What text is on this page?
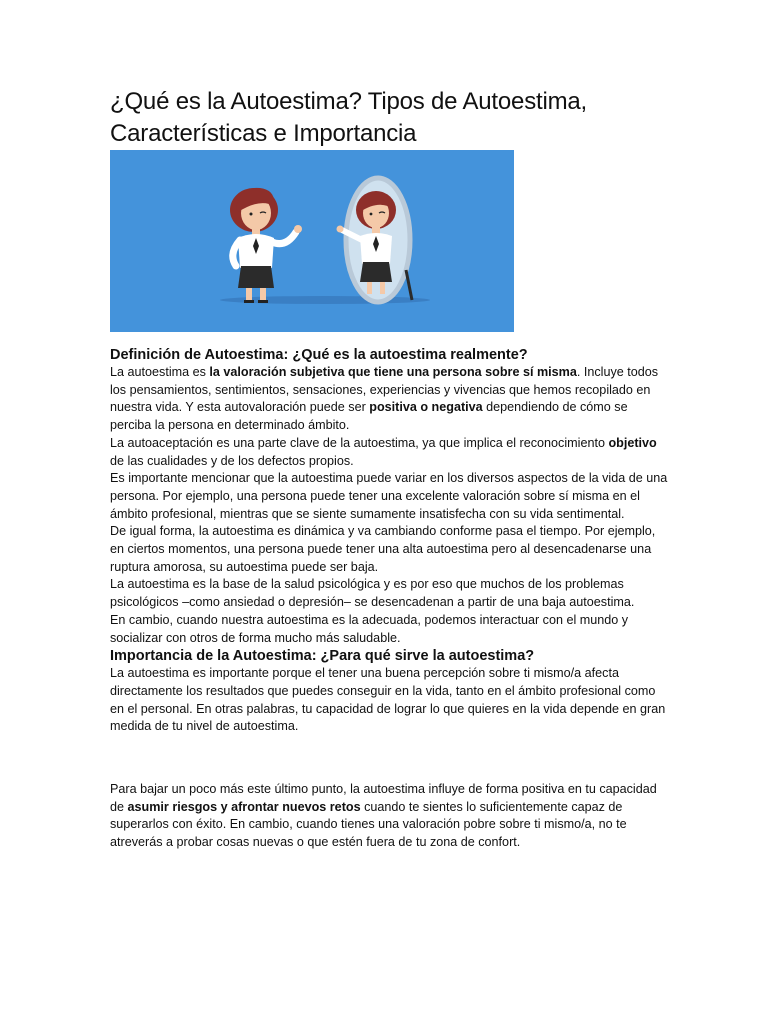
¿Qué es la Autoestima? Tipos de Autoestima, Características e Importancia
Definición de Autoestima: ¿Qué es la autoestima realmente?

La autoestima es la valoración subjetiva que tiene una persona sobre sí misma. Incluye todos los pensamientos, sentimientos, sensaciones, experiencias y vivencias que hemos recopilado en nuestra vida. Y esta autovaloración puede ser positiva o negativa dependiendo de cómo se perciba la persona en determinado ámbito.

La autoaceptación es una parte clave de la autoestima, ya que implica el reconocimiento objetivo de las cualidades y de los defectos propios.

Es importante mencionar que la autoestima puede variar en los diversos aspectos de la vida de una persona. Por ejemplo, una persona puede tener una excelente valoración sobre sí misma en el ámbito profesional, mientras que se siente sumamente insatisfecha con su vida sentimental.

De igual forma, la autoestima es dinámica y va cambiando conforme pasa el tiempo. Por ejemplo, en ciertos momentos, una persona puede tener una alta autoestima pero al desencadenarse una ruptura amorosa, su autoestima puede ser baja.

La autoestima es la base de la salud psicológica y es por eso que muchos de los problemas psicológicos –como ansiedad o depresión– se desencadenan a partir de una baja autoestima.

En cambio, cuando nuestra autoestima es la adecuada, podemos interactuar con el mundo y socializar con otros de forma mucho más saludable.

Importancia de la Autoestima: ¿Para qué sirve la autoestima?

La autoestima es importante porque el tener una buena percepción sobre ti mismo/a afecta directamente los resultados que puedes conseguir en la vida, tanto en el ámbito profesional como en el personal. En otras palabras, tu capacidad de lograr lo que quieres en la vida depende en gran medida de tu nivel de autoestima.

Para bajar un poco más este último punto, la autoestima influye de forma positiva en tu capacidad de asumir riesgos y afrontar nuevos retos cuando te sientes lo suficientemente capaz de superarlos con éxito. En cambio, cuando tienes una valoración pobre sobre ti mismo/a, no te atreverás a probar cosas nuevas o que estén fuera de tu zona de confort.
